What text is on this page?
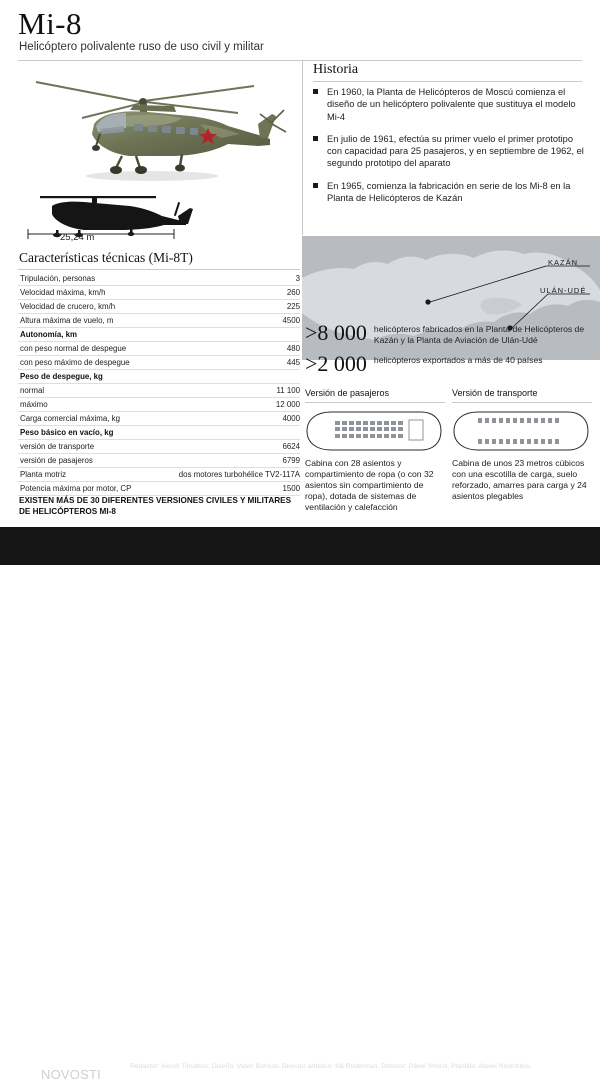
Mi-8
Helicóptero polivalente ruso de uso civil y militar
25,24 m
Historia
En 1960, la Planta de Helicópteros de Moscú comienza el diseño de un helicóptero polivalente que sustituya el modelo Mi-4
En julio de 1961, efectúa su primer vuelo el primer prototipo con capacidad para 25 pasajeros, y en septiembre de 1962, el segundo prototipo del aparato
En 1965, comienza la fabricación en serie de los Mi-8 en la Planta de Helicópteros de Kazán
KAZÁN
ULÁN-UDÉ
>8 000 helicópteros fabricados en la Planta de Helicópteros de Kazán y la Planta de Aviación de Ulán-Udé
>2 000 helicópteros exportados a más de 40 países
Versión de pasajeros
Cabina con 28 asientos y compartimiento de ropa (o con 32 asientos sin compartimiento de ropa), dotada de sistemas de ventilación y calefacción
Versión de transporte
Cabina de unos 23 metros cúbicos con una escotilla de carga, suelo reforzado, amarres para carga y 24 asientos plegables
Características técnicas (Mi-8T)
Tripulación, personas	3
Velocidad máxima, km/h	260
Velocidad de crucero, km/h	225
Altura máxima de vuelo, m	4500
Autonomía, km	
con peso normal de despegue	480
con peso máximo de despegue	445
Peso de despegue, kg	
normal	11 100
máximo	12 000
Carga comercial máxima, kg	4000
Peso básico en vacío, kg	
versión de transporte	6624
versión de pasajeros	6799
Planta motriz	dos motores turbohélice TV2-117A
Potencia máxima por motor, CP	1500
EXISTEN MÁS DE 30 DIFERENTES VERSIONES CIVILES Y MILITARES DE HELICÓPTEROS MI-8
RIANOVOSTI
Redactor: Alexéi Timatkov, Diseño: Valeri Borísov. Director artístico: Iliá Ruderman. Director: Pável Shórol, Plantilla: Alexéi Novichkov.
